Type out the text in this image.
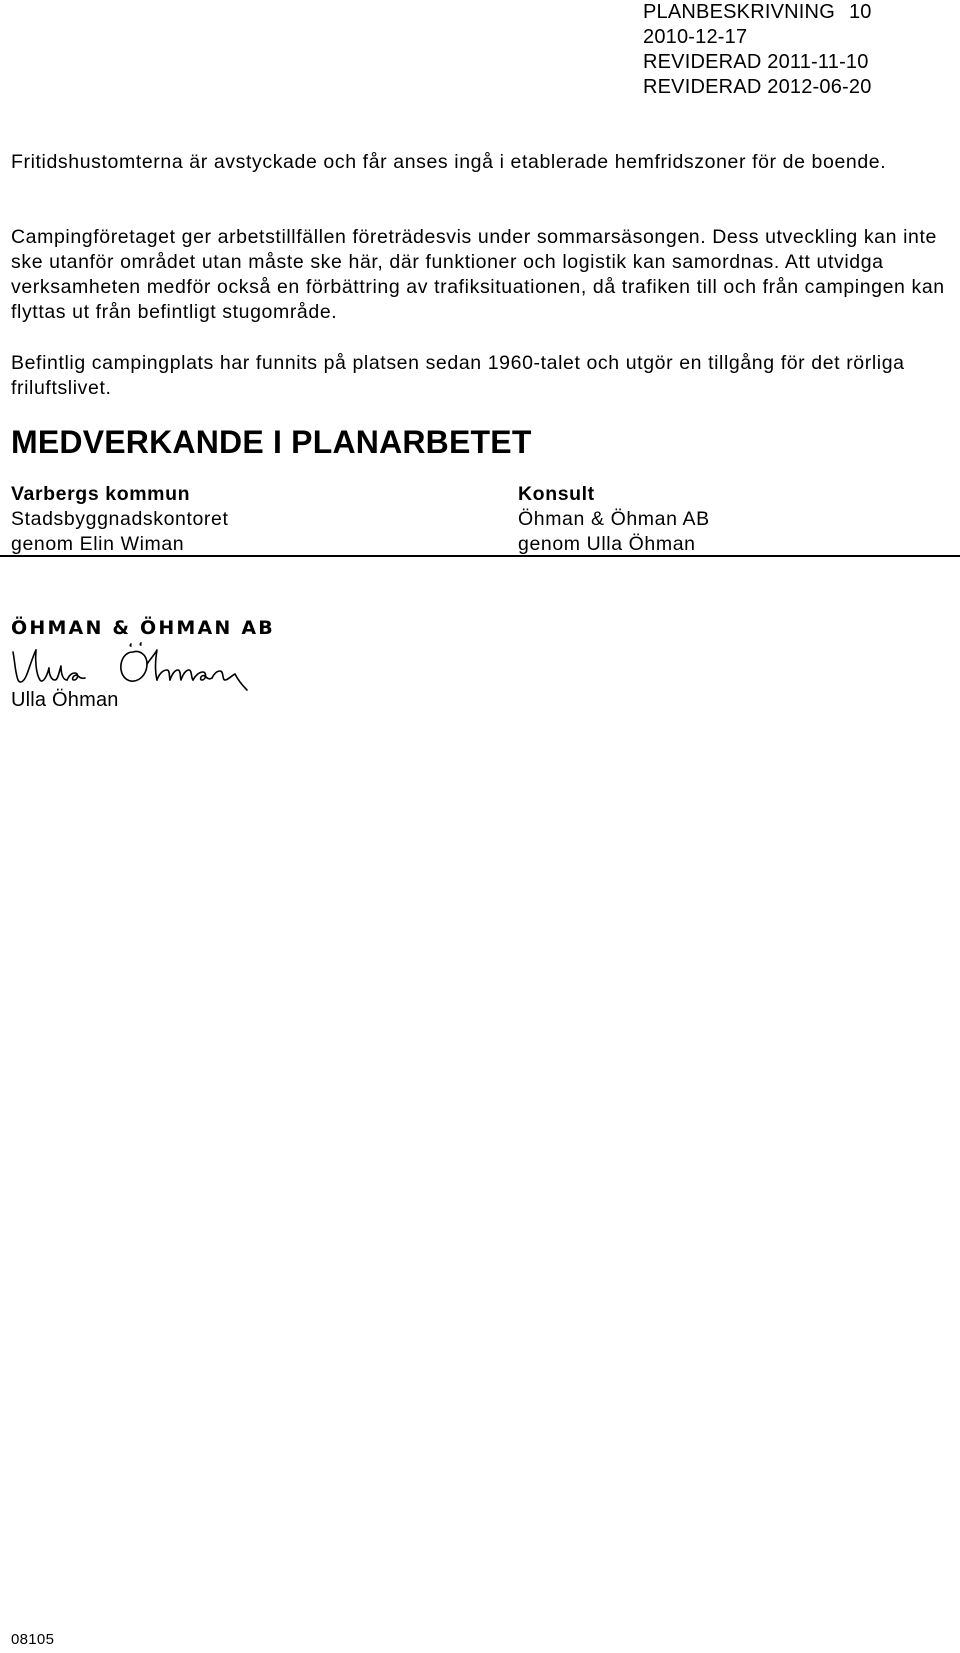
PLANBESKRIVNING 10
2010-12-17
REVIDERAD 2011-11-10
REVIDERAD 2012-06-20

Fritidshustomterna är avstyckade och får anses ingå i etablerade hemfridszoner för de boende.

Campingföretaget ger arbetstillfällen företrädesvis under sommarsäsongen. Dess utveckling kan inte ske utanför området utan måste ske här, där funktioner och logistik kan samordnas. Att utvidga verksamheten medför också en förbättring av trafiksituationen, då trafiken till och från campingen kan flyttas ut från befintligt stugområde.

Befintlig campingplats har funnits på platsen sedan 1960-talet och utgör en tillgång för det rörliga friluftslivet.

MEDVERKANDE I PLANARBETET
Varbergs kommun
Stadsbyggnadskontoret
genom Elin Wiman
Konsult
Öhman & Öhman AB
genom Ulla Öhman
ÖHMAN & ÖHMAN AB
Ulla Öhman
08105
